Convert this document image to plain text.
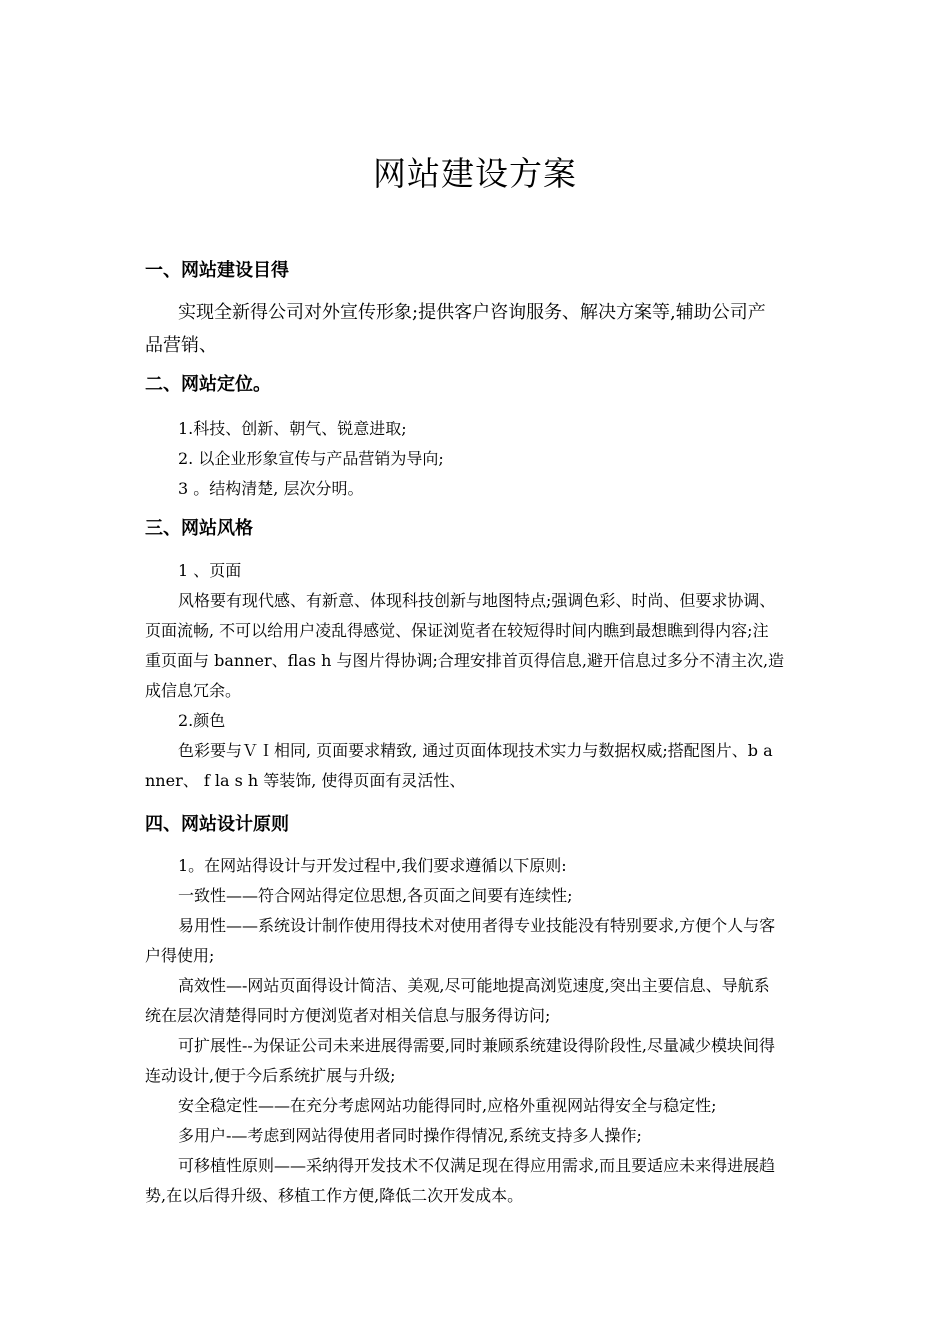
网站建设方案
一、网站建设目得
实现全新得公司对外宣传形象;提供客户咨询服务、解决方案等,辅助公司产
品营销、
二、网站定位。
1.科技、创新、朝气、锐意进取;
2. 以企业形象宣传与产品营销为导向;
3 。结构清楚, 层次分明。
三、网站风格
1 、页面
风格要有现代感、有新意、体现科技创新与地图特点;强调色彩、时尚、但要求协调、
页面流畅, 不可以给用户凌乱得感觉、保证浏览者在较短得时间内瞧到最想瞧到得内容;注
重页面与 banner、flas h 与图片得协调;合理安排首页得信息,避开信息过多分不清主次,造
成信息冗余。
2.颜色
色彩要与ＶＩ相同, 页面要求精致, 通过页面体现技术实力与数据权威;搭配图片、b a
nner、 f la s h 等装饰, 使得页面有灵活性、
四、网站设计原则
1。在网站得设计与开发过程中,我们要求遵循以下原则:
一致性——符合网站得定位思想,各页面之间要有连续性;
易用性——系统设计制作使用得技术对使用者得专业技能没有特别要求,方便个人与客
户得使用;
高效性—-网站页面得设计简洁、美观,尽可能地提高浏览速度,突出主要信息、导航系
统在层次清楚得同时方便浏览者对相关信息与服务得访问;
可扩展性--为保证公司未来进展得需要,同时兼顾系统建设得阶段性,尽量减少模块间得
连动设计,便于今后系统扩展与升级;
安全稳定性——在充分考虑网站功能得同时,应格外重视网站得安全与稳定性;
多用户-—考虑到网站得使用者同时操作得情况,系统支持多人操作;
可移植性原则——采纳得开发技术不仅满足现在得应用需求,而且要适应未来得进展趋
势,在以后得升级、移植工作方便,降低二次开发成本。
